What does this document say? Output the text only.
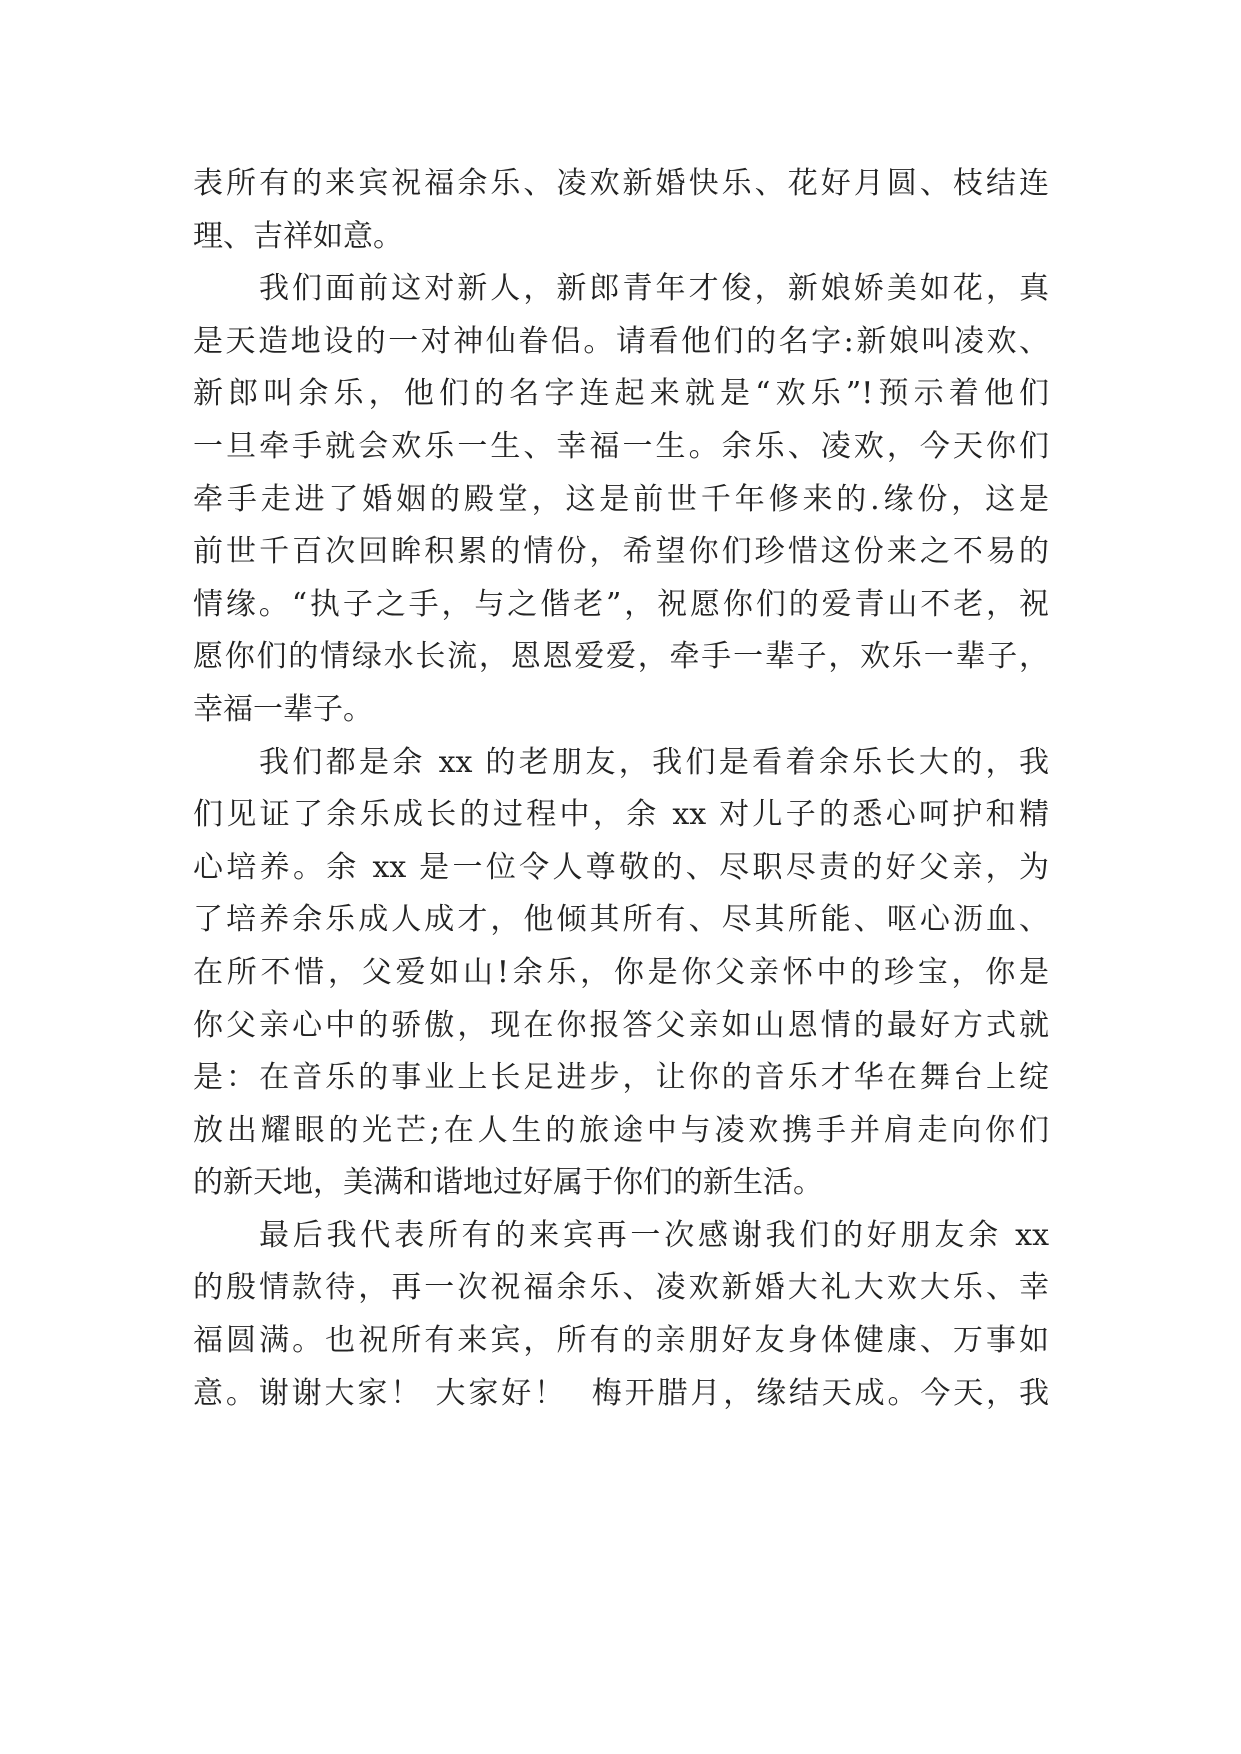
表所有的来宾祝福余乐、凌欢新婚快乐、花好月圆、枝结连
理、吉祥如意。
我们面前这对新人，新郎青年才俊，新娘娇美如花，真
是天造地设的一对神仙眷侣。请看他们的名字:新娘叫凌欢、
新郎叫余乐，他们的名字连起来就是“欢乐”!预示着他们
一旦牵手就会欢乐一生、幸福一生。余乐、凌欢，今天你们
牵手走进了婚姻的殿堂，这是前世千年修来的.缘份，这是
前世千百次回眸积累的情份，希望你们珍惜这份来之不易的
情缘。“执子之手，与之偕老”，祝愿你们的爱青山不老，祝
愿你们的情绿水长流，恩恩爱爱，牵手一辈子，欢乐一辈子，
幸福一辈子。
我们都是余 xx 的老朋友，我们是看着余乐长大的，我
们见证了余乐成长的过程中，余 xx 对儿子的悉心呵护和精
心培养。余 xx 是一位令人尊敬的、尽职尽责的好父亲，为
了培养余乐成人成才，他倾其所有、尽其所能、呕心沥血、
在所不惜，父爱如山!余乐，你是你父亲怀中的珍宝，你是
你父亲心中的骄傲，现在你报答父亲如山恩情的最好方式就
是：在音乐的事业上长足进步，让你的音乐才华在舞台上绽
放出耀眼的光芒;在人生的旅途中与凌欢携手并肩走向你们
的新天地，美满和谐地过好属于你们的新生活。
最后我代表所有的来宾再一次感谢我们的好朋友余 xx
的殷情款待，再一次祝福余乐、凌欢新婚大礼大欢大乐、幸
福圆满。也祝所有来宾，所有的亲朋好友身体健康、万事如
意。谢谢大家！ 大家好！  梅开腊月，缘结天成。今天，我
